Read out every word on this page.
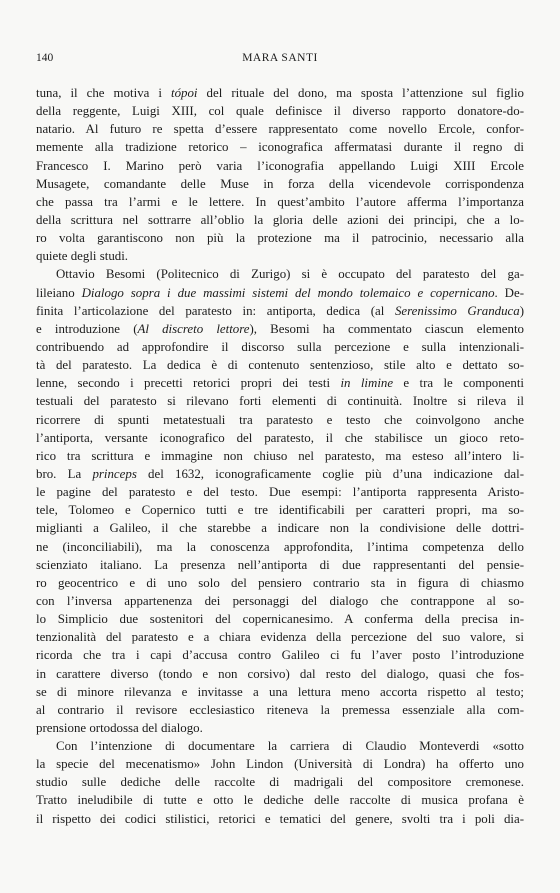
140	MARA SANTI
tuna, il che motiva i tópoi del rituale del dono, ma sposta l’attenzione sul figlio
della reggente, Luigi XIII, col quale definisce il diverso rapporto donatore-do-
natario. Al futuro re spetta d’essere rappresentato come novello Ercole, confor-
memente alla tradizione retorico – iconografica affermatasi durante il regno di
Francesco I. Marino però varia l’iconografia appellando Luigi XIII Ercole
Musagete, comandante delle Muse in forza della vicendevole corrispondenza
che passa tra l’armi e le lettere. In quest’ambito l’autore afferma l’importanza
della scrittura nel sottrarre all’oblio la gloria delle azioni dei principi, che a lo-
ro volta garantiscono non più la protezione ma il patrocinio, necessario alla
quiete degli studi.
Ottavio Besomi (Politecnico di Zurigo) si è occupato del paratesto del ga-
lileiano Dialogo sopra i due massimi sistemi del mondo tolemaico e copernicano. De-
finita l’articolazione del paratesto in: antiporta, dedica (al Serenissimo Granduca)
e introduzione (Al discreto lettore), Besomi ha commentato ciascun elemento
contribuendo ad approfondire il discorso sulla percezione e sulla intenzionali-
tà del paratesto. La dedica è di contenuto sentenzioso, stile alto e dettato so-
lenne, secondo i precetti retorici propri dei testi in limine e tra le componenti
testuali del paratesto si rilevano forti elementi di continuità. Inoltre si rileva il
ricorrere di spunti metatestuali tra paratesto e testo che coinvolgono anche
l’antiporta, versante iconografico del paratesto, il che stabilisce un gioco reto-
rico tra scrittura e immagine non chiuso nel paratesto, ma esteso all’intero li-
bro. La princeps del 1632, iconograficamente coglie più d’una indicazione dal-
le pagine del paratesto e del testo. Due esempi: l’antiporta rappresenta Aristo-
tele, Tolomeo e Copernico tutti e tre identificabili per caratteri propri, ma so-
miglianti a Galileo, il che starebbe a indicare non la condivisione delle dottri-
ne (inconciliabili), ma la conoscenza approfondita, l’intima competenza dello
scienziato italiano. La presenza nell’antiporta di due rappresentanti del pensie-
ro geocentrico e di uno solo del pensiero contrario sta in figura di chiasmo
con l’inversa appartenenza dei personaggi del dialogo che contrappone al so-
lo Simplicio due sostenitori del copernicanesimo. A conferma della precisa in-
tenzionalità del paratesto e a chiara evidenza della percezione del suo valore, si
ricorda che tra i capi d’accusa contro Galileo ci fu l’aver posto l’introduzione
in carattere diverso (tondo e non corsivo) dal resto del dialogo, quasi che fos-
se di minore rilevanza e invitasse a una lettura meno accorta rispetto al testo;
al contrario il revisore ecclesiastico riteneva la premessa essenziale alla com-
prensione ortodossa del dialogo.
Con l’intenzione di documentare la carriera di Claudio Monteverdi «sotto
la specie del mecenatismo» John Lindon (Università di Londra) ha offerto uno
studio sulle dediche delle raccolte di madrigali del compositore cremonese.
Tratto ineludibile di tutte e otto le dediche delle raccolte di musica profana è
il rispetto dei codici stilistici, retorici e tematici del genere, svolti tra i poli dia-
